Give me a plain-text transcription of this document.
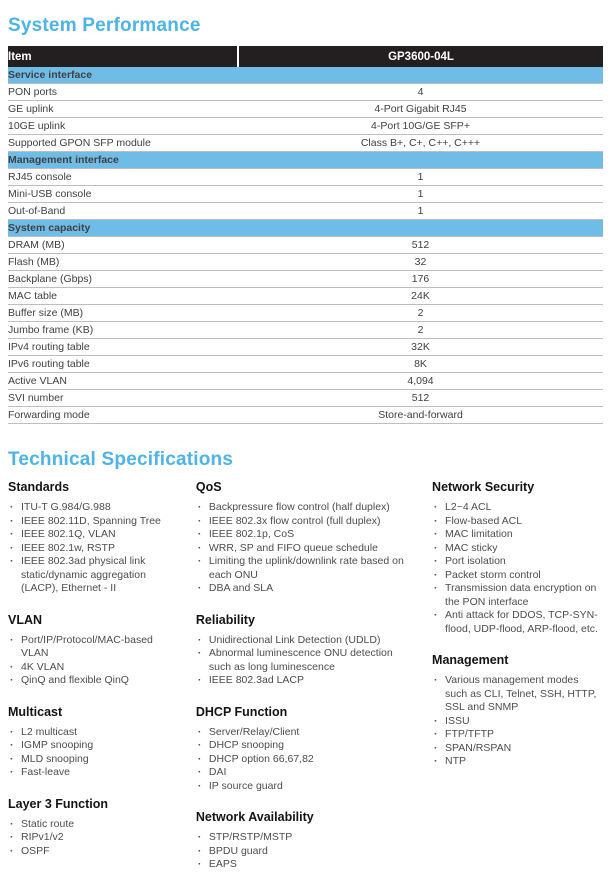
System Performance
Item	GP3600-04L
Service interface	
PON ports	4
GE uplink	4-Port Gigabit RJ45
10GE uplink	4-Port 10G/GE SFP+
Supported GPON SFP module	Class B+, C+, C++, C+++
Management interface	
RJ45 console	1
Mini-USB console	1
Out-of-Band	1
System capacity	
DRAM (MB)	512
Flash (MB)	32
Backplane (Gbps)	176
MAC table	24K
Buffer size (MB)	2
Jumbo frame (KB)	2
IPv4 routing table	32K
IPv6 routing table	8K
Active VLAN	4,094
SVI number	512
Forwarding mode	Store-and-forward
Technical Specifications
Standards
· ITU-T G.984/G.988
· IEEE 802.11D, Spanning Tree
· IEEE 802.1Q, VLAN
· IEEE 802.1w, RSTP
· IEEE 802.3ad physical link static/dynamic aggregation (LACP), Ethernet - II
VLAN
· Port/IP/Protocol/MAC-based VLAN
· 4K VLAN
· QinQ and flexible QinQ
Multicast
· L2 multicast
· IGMP snooping
· MLD snooping
· Fast-leave
Layer 3 Function
· Static route
· RIPv1/v2
· OSPF
QoS
· Backpressure flow control (half duplex)
· IEEE 802.3x flow control (full duplex)
· IEEE 802.1p, CoS
· WRR, SP and FIFO queue schedule
· Limiting the uplink/downlink rate based on each ONU
· DBA and SLA
Reliability
· Unidirectional Link Detection (UDLD)
· Abnormal luminescence ONU detection such as long luminescence
· IEEE 802.3ad LACP
DHCP Function
· Server/Relay/Client
· DHCP snooping
· DHCP option 66,67,82
· DAI
· IP source guard
Network Availability
· STP/RSTP/MSTP
· BPDU guard
· EAPS
Network Security
· L2~4 ACL
· Flow-based ACL
· MAC limitation
· MAC sticky
· Port isolation
· Packet storm control
· Transmission data encryption on the PON interface
· Anti attack for DDOS, TCP-SYN-flood, UDP-flood, ARP-flood, etc.
Management
· Various management modes such as CLI, Telnet, SSH, HTTP, SSL and SNMP
· ISSU
· FTP/TFTP
· SPAN/RSPAN
· NTP
